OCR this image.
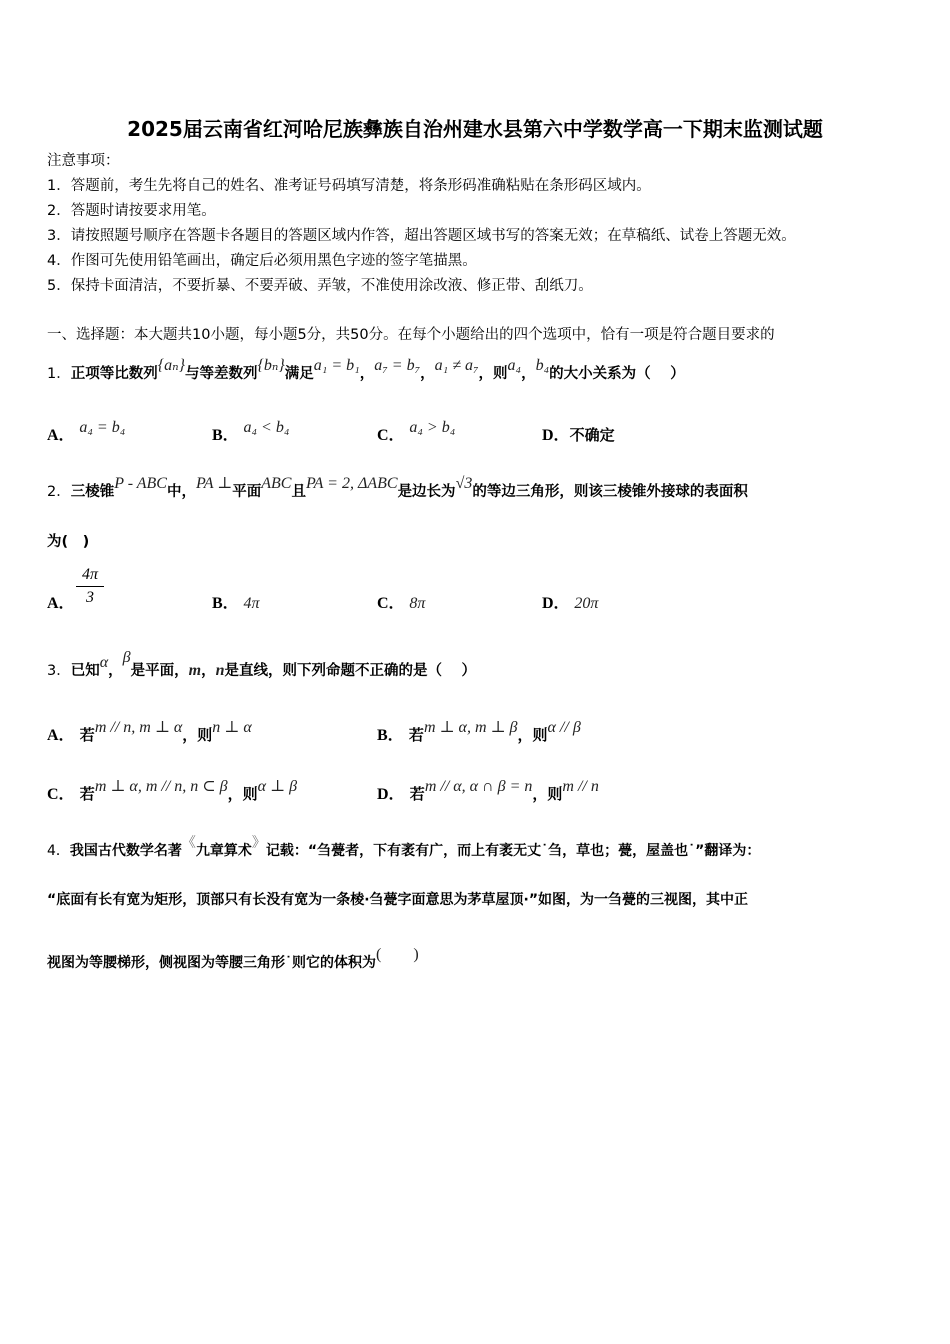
2025届云南省红河哈尼族彝族自治州建水县第六中学数学高一下期末监测试题
注意事项：
1．答题前，考生先将自己的姓名、准考证号码填写清楚，将条形码准确粘贴在条形码区域内。
2．答题时请按要求用笔。
3．请按照题号顺序在答题卡各题目的答题区域内作答，超出答题区域书写的答案无效；在草稿纸、试卷上答题无效。
4．作图可先使用铅笔画出，确定后必须用黑色字迹的签字笔描黑。
5．保持卡面清洁，不要折暴、不要弄破、弄皱，不准使用涂改液、修正带、刮纸刀。
一、选择题：本大题共10小题，每小题5分，共50分。在每个小题给出的四个选项中，恰有一项是符合题目要求的
1．正项等比数列{aₙ}与等差数列{bₙ}满足a₁ = b₁，a₇ = b₇，a₁ ≠ a₇，则a₄，b₄的大小关系为（　 ）
A． a₄ = b₄	B． a₄ < b₄	C． a₄ > b₄	D．不确定
2．三棱锥P - ABC中，PA ⊥平面ABC且PA = 2, ΔABC是边长为√3的等边三角形，则该三棱锥外接球的表面积
为(　)
A．
4π
3	B． 4π	C． 8π	D． 20π
3．已知α，β是平面，m，n是直线，则下列命题不正确的是（　 ）
A． 若m // n, m ⊥ α，则n ⊥ α	B． 若m ⊥ α, m ⊥ β，则α // β
C． 若m ⊥ α, m // n, n ⊂ β，则α ⊥ β	D． 若m // α, α ∩ β = n，则m // n
4．我国古代数学名著《九章算术》记载：“刍甍者，下有袤有广，而上有袤无丈˙刍，草也；甍，屋盖也˙”翻译为：
“底面有长有宽为矩形，顶部只有长没有宽为一条棱·刍甍字面意思为茅草屋顶·”如图，为一刍甍的三视图，其中正
视图为等腰梯形，侧视图为等腰三角形˙则它的体积为(　　)
